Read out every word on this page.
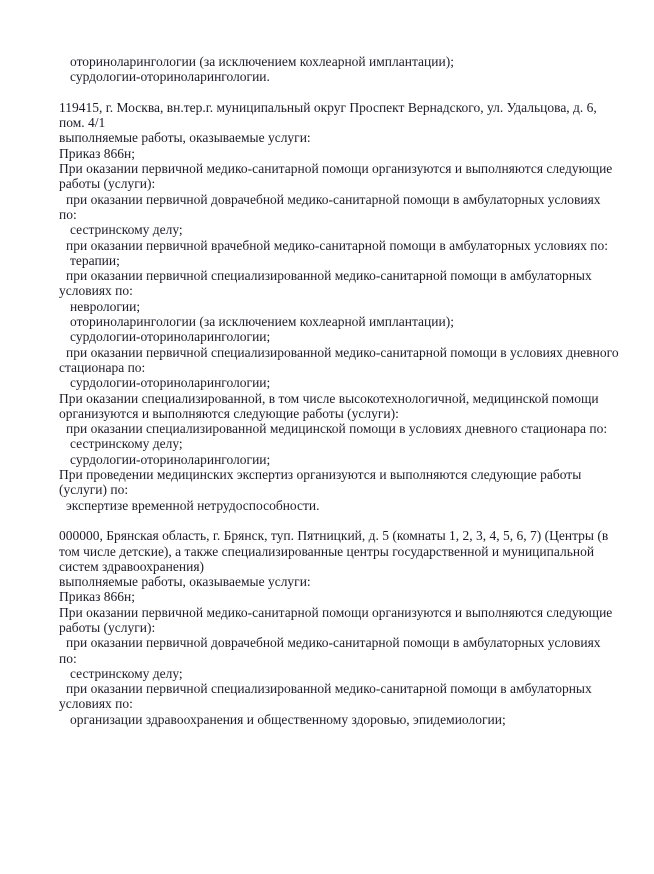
оториноларингологии (за исключением кохлеарной имплантации);
сурдологии-оториноларингологии.

119415, г. Москва, вн.тер.г. муниципальный округ Проспект Вернадского, ул. Удальцова, д. 6,
пом. 4/1
выполняемые работы, оказываемые услуги:
Приказ 866н;
При оказании первичной медико-санитарной помощи организуются и выполняются следующие
работы (услуги):
при оказании первичной доврачебной медико-санитарной помощи в амбулаторных условиях
по:
сестринскому делу;
при оказании первичной врачебной медико-санитарной помощи в амбулаторных условиях по:
терапии;
при оказании первичной специализированной медико-санитарной помощи в амбулаторных
условиях по:
неврологии;
оториноларингологии (за исключением кохлеарной имплантации);
сурдологии-оториноларингологии;
при оказании первичной специализированной медико-санитарной помощи в условиях дневного
стационара по:
сурдологии-оториноларингологии;
При оказании специализированной, в том числе высокотехнологичной, медицинской помощи
организуются и выполняются следующие работы (услуги):
при оказании специализированной медицинской помощи в условиях дневного стационара по:
сестринскому делу;
сурдологии-оториноларингологии;
При проведении медицинских экспертиз организуются и выполняются следующие работы
(услуги) по:
экспертизе временной нетрудоспособности.

000000, Брянская область, г. Брянск, туп. Пятницкий, д. 5 (комнаты 1, 2, 3, 4, 5, 6, 7) (Центры (в
том числе детские), а также специализированные центры государственной и муниципальной
систем здравоохранения)
выполняемые работы, оказываемые услуги:
Приказ 866н;
При оказании первичной медико-санитарной помощи организуются и выполняются следующие
работы (услуги):
при оказании первичной доврачебной медико-санитарной помощи в амбулаторных условиях
по:
сестринскому делу;
при оказании первичной специализированной медико-санитарной помощи в амбулаторных
условиях по:
организации здравоохранения и общественному здоровью, эпидемиологии;
